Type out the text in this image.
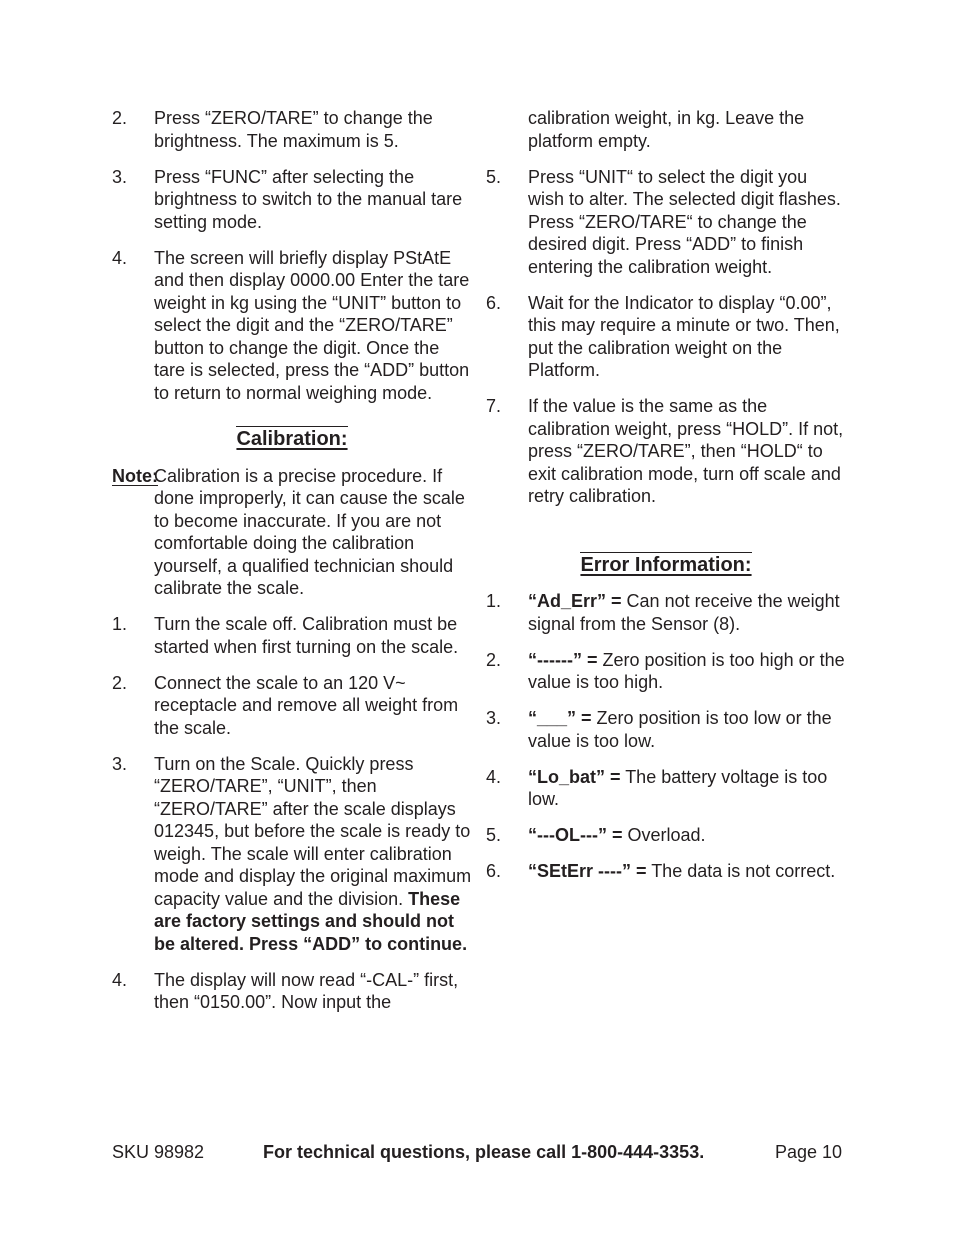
2. Press “ZERO/TARE” to change the brightness. The maximum is 5.

3. Press “FUNC” after selecting the brightness to switch to the manual tare setting mode.

4. The screen will briefly display PStAtE and then display 0000.00 Enter the tare weight in kg using the “UNIT” button to select the digit and the “ZERO/TARE” button to change the digit. Once the tare is selected, press the “ADD” button to return to normal weighing mode.

Calibration:
Note:

Calibration is a precise procedure. If done improperly, it can cause the scale to become inaccurate. If you are not comfortable doing the calibration yourself, a qualified technician should calibrate the scale.

1. Turn the scale off. Calibration must be started when first turning on the scale.

2. Connect the scale to an 120 V~ receptacle and remove all weight from the scale.

3. Turn on the Scale. Quickly press “ZERO/TARE”, “UNIT”, then “ZERO/TARE” after the scale displays 012345, but before the scale is ready to weigh. The scale will enter calibration mode and display the original maximum capacity value and the division. These are factory settings and should not be altered. Press “ADD” to continue.

4. The display will now read “-CAL-” first, then “0150.00”. Now input the

calibration weight, in kg. Leave the platform empty.

5. Press “UNIT“ to select the digit you wish to alter. The selected digit flashes. Press “ZERO/TARE“ to change the desired digit. Press “ADD” to finish entering the calibration weight.

6. Wait for the Indicator to display “0.00”, this may require a minute or two. Then, put the calibration weight on the Platform.

7. If the value is the same as the calibration weight, press “HOLD”. If not, press “ZERO/TARE”, then “HOLD“ to exit calibration mode, turn off scale and retry calibration.

Error Information:
1. “Ad_Err” = Can not receive the weight signal from the Sensor (8).

2. “------” = Zero position is too high or the value is too high.

3. “___” = Zero position is too low or the value is too low.

4. “Lo_bat” = The battery voltage is too low.

5. “---OL---” = Overload.

6. “SEtErr ----” = The data is not correct.

SKU 98982	For technical questions, please call 1-800-444-3353.	Page 10
